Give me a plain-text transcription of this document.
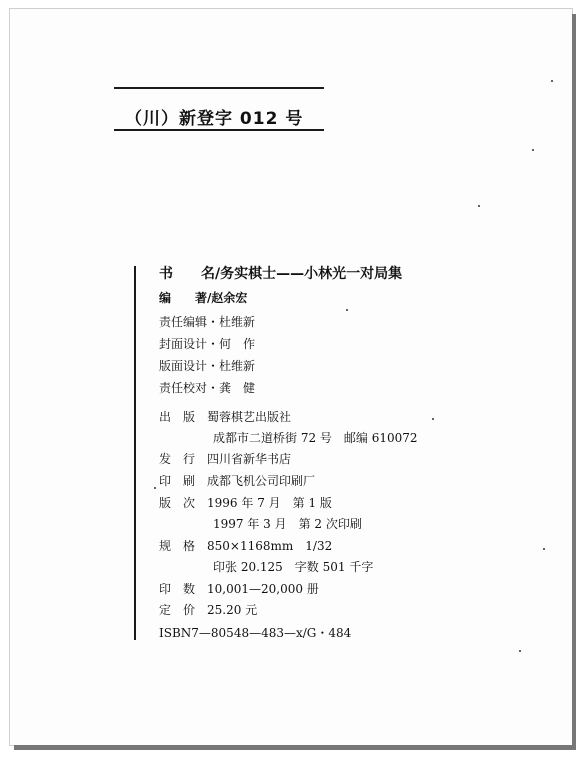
（川）新登字 012 号
书　　名/务实棋士——小林光一对局集
编　　著/赵余宏
责任编辑・杜维新
封面设计・何　作
版面设计・杜维新
责任校对・龚　健
出　版　 蜀蓉棋艺出版社
成都市二道桥街 72 号　邮编 610072
发　行　 四川省新华书店
印　刷　 成都飞机公司印刷厂
版　次　 1996 年 7 月　第 1 版
1997 年 3 月　第 2 次印刷
规　格　 850×1168mm　1/32
印张 20.125　字数 501 千字
印　数　 10,001—20,000 册
定　价　 25.20 元
ISBN7—80548—483—x/G・484
